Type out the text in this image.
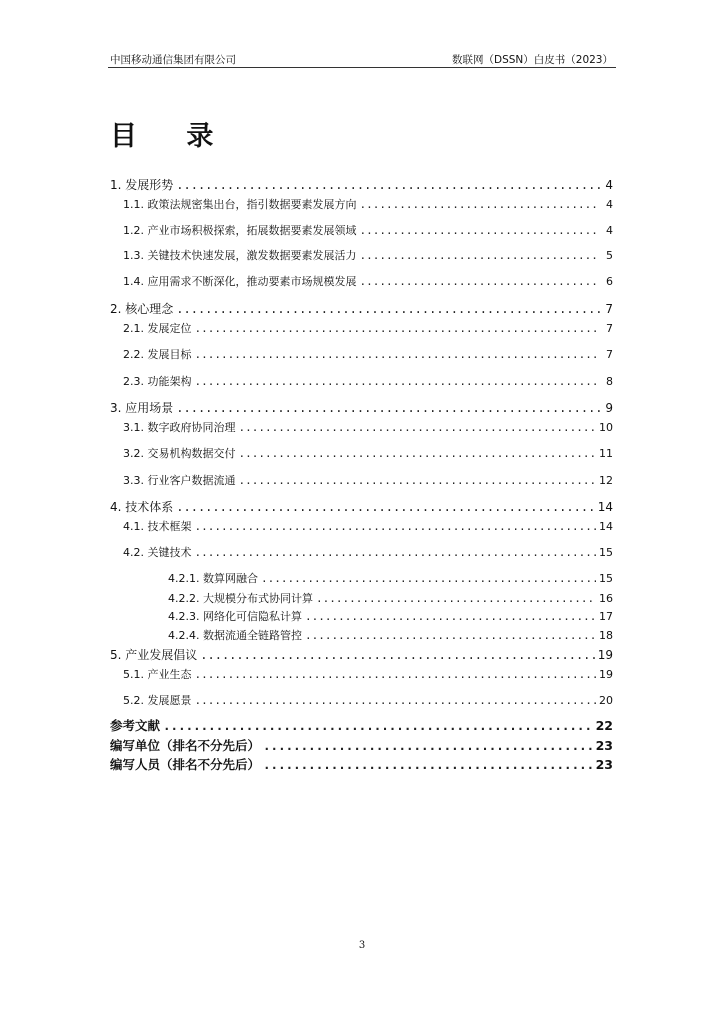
中国移动通信集团有限公司	数联网（DSSN）白皮书（2023）
目 录
1. 发展形势 .....	4
1.1. 政策法规密集出台，指引数据要素发展方向 .....	4
1.2. 产业市场积极探索，拓展数据要素发展领域 .....	4
1.3. 关键技术快速发展，激发数据要素发展活力 .....	5
1.4. 应用需求不断深化，推动要素市场规模发展 .....	6
2. 核心理念 .....	7
2.1. 发展定位 .....	7
2.2. 发展目标 .....	7
2.3. 功能架构 .....	8
3. 应用场景 .....	9
3.1. 数字政府协同治理 .....	10
3.2. 交易机构数据交付 .....	11
3.3. 行业客户数据流通 .....	12
4. 技术体系 .....	14
4.1. 技术框架 .....	14
4.2. 关键技术 .....	15
4.2.1. 数算网融合 .....	15
4.2.2. 大规模分布式协同计算 .....	16
4.2.3. 网络化可信隐私计算 .....	17
4.2.4. 数据流通全链路管控 .....	18
5. 产业发展倡议 .....	19
5.1. 产业生态 .....	19
5.2. 发展愿景 .....	20
参考文献 .....	22
编写单位（排名不分先后） .....	23
编写人员（排名不分先后） .....	23
3
